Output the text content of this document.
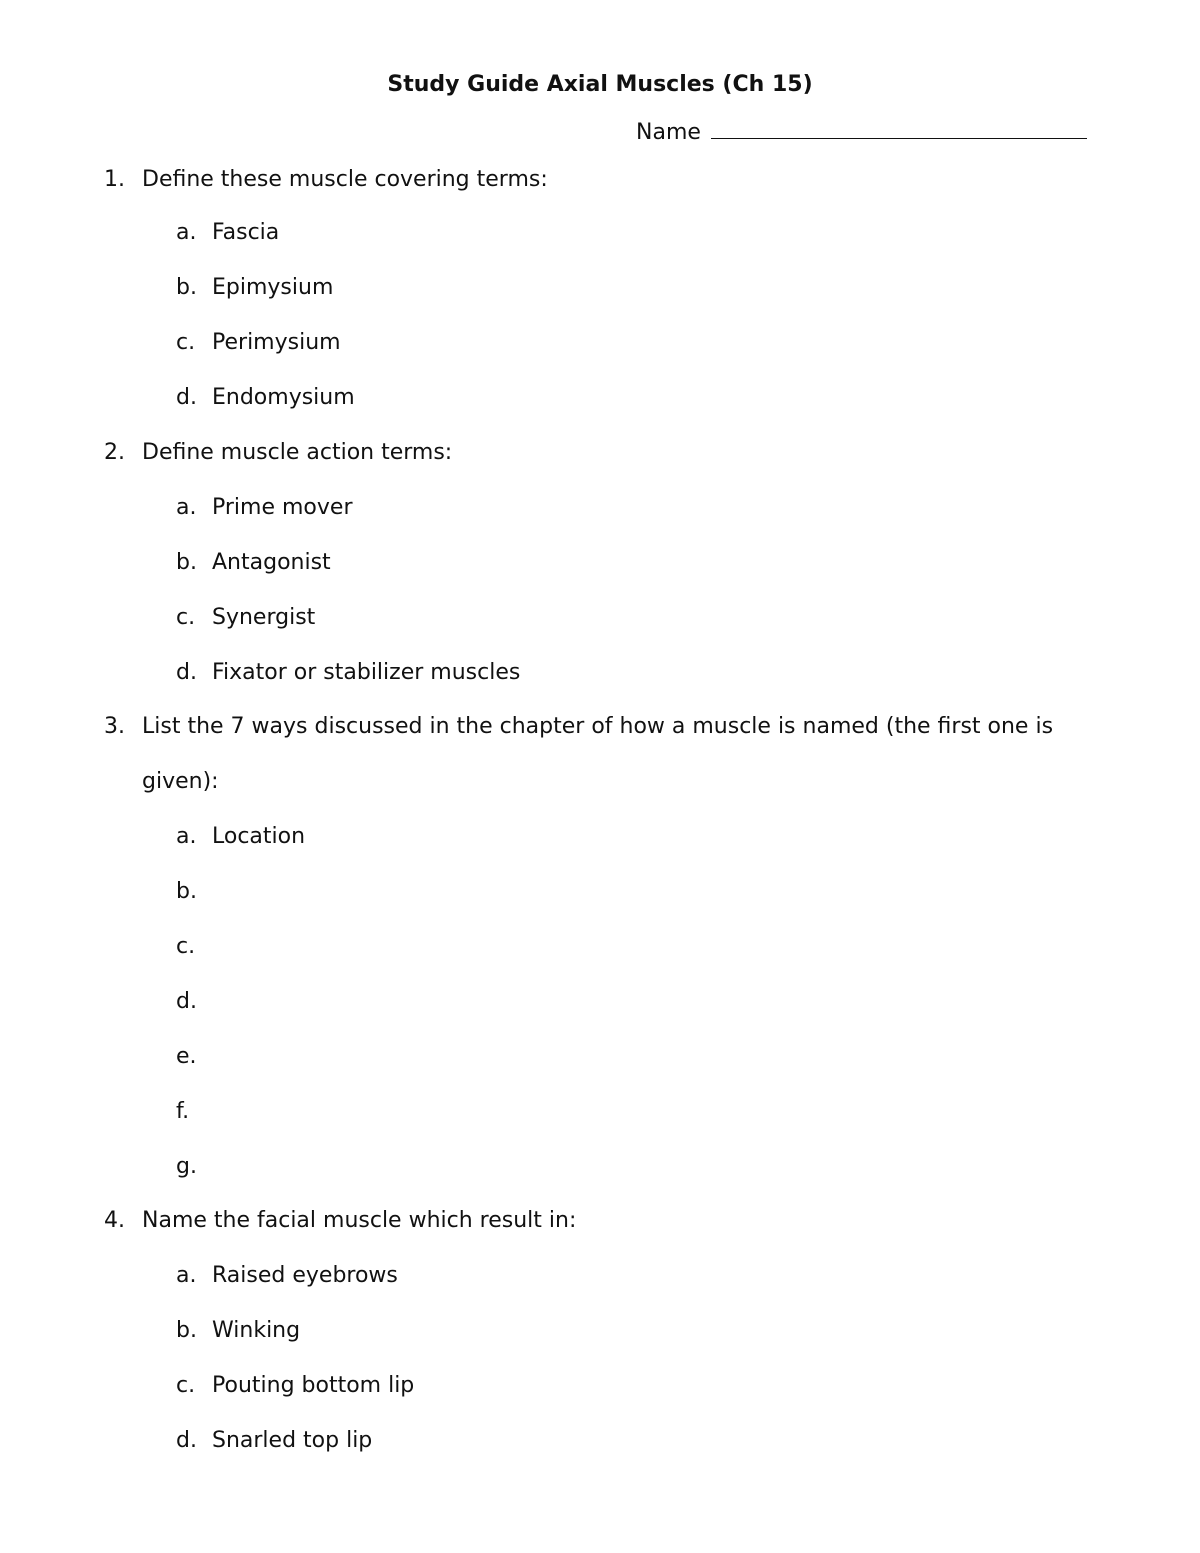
Study Guide Axial Muscles (Ch 15)
Name
1. Define these muscle covering terms:
a. Fascia
b. Epimysium
c. Perimysium
d. Endomysium
2. Define muscle action terms:
a. Prime mover
b. Antagonist
c. Synergist
d. Fixator or stabilizer muscles
3. List the 7 ways discussed in the chapter of how a muscle is named (the first one is
given):
a. Location
b.
c.
d.
e.
f.
g.
4. Name the facial muscle which result in:
a. Raised eyebrows
b. Winking
c. Pouting bottom lip
d. Snarled top lip
